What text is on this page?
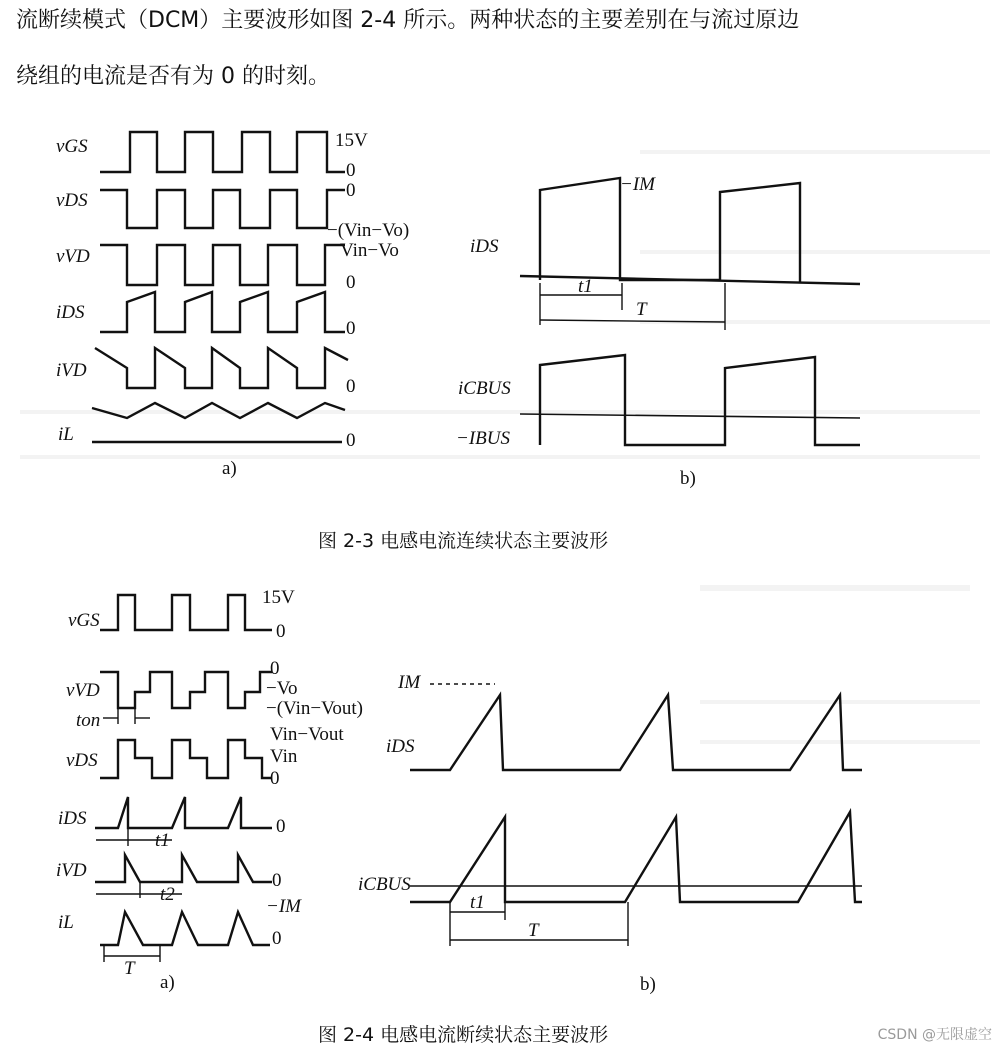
流断续模式（DCM）主要波形如图 2-4 所示。两种状态的主要差别在与流过原边
绕组的电流是否有为 0 的时刻。
vGS
vDS
vVD
iDS
iVD
iL
15V
0
0
−(Vin−Vo)
Vin−Vo
0
0
0
0
a)
−IM
iDS
t1
T
iCBUS
−IBUS
b)
vGS
vVD
vDS
iDS
iVD
iL
15V
0
0
−Vo
−(Vin−Vout)
Vin−Vout
Vin
0
0
0
−IM
0
ton
t1
t2
T
a)
IM
iDS
iCBUS
t1
T
b)
图 2-3 电感电流连续状态主要波形
图 2-4 电感电流断续状态主要波形	CSDN @无限虚空
